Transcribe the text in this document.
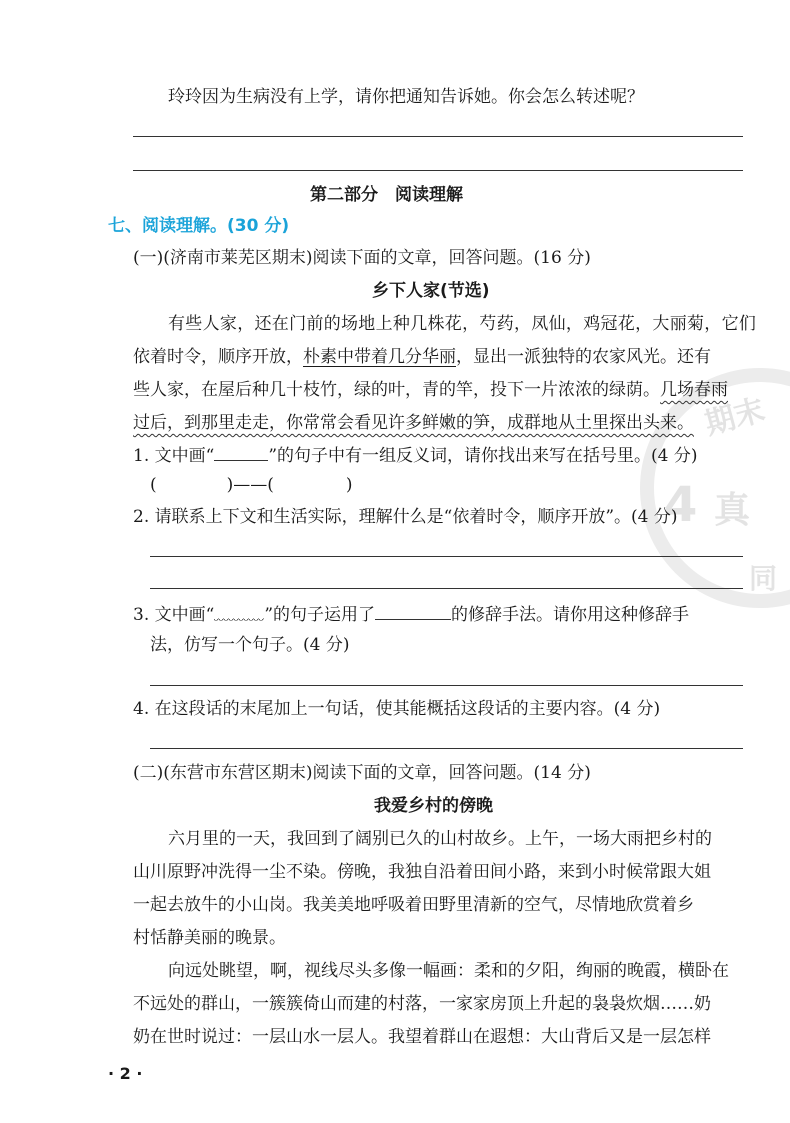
期末
4 真
同
玲玲因为生病没有上学，请你把通知告诉她。你会怎么转述呢？
第二部分　阅读理解
七、阅读理解。(30 分)
(一)(济南市莱芜区期末)阅读下面的文章，回答问题。(16 分)
乡下人家(节选)
有些人家，还在门前的场地上种几株花，芍药，凤仙，鸡冠花，大丽菊，它们
依着时令，顺序开放，朴素中带着几分华丽，显出一派独特的农家风光。还有
些人家，在屋后种几十枝竹，绿的叶，青的竿，投下一片浓浓的绿荫。几场春雨
过后，到那里走走，你常常会看见许多鲜嫩的笋，成群地从土里探出头来。
1. 文中画“	”的句子中有一组反义词，请你找出来写在括号里。(4 分)
(	)——(	)
2. 请联系上下文和生活实际，理解什么是“依着时令，顺序开放”。(4 分)
3. 文中画“	”的句子运用了	的修辞手法。请你用这种修辞手
法，仿写一个句子。(4 分)
4. 在这段话的末尾加上一句话，使其能概括这段话的主要内容。(4 分)
(二)(东营市东营区期末)阅读下面的文章，回答问题。(14 分)
我爱乡村的傍晚
六月里的一天，我回到了阔别已久的山村故乡。上午，一场大雨把乡村的
山川原野冲洗得一尘不染。傍晚，我独自沿着田间小路，来到小时候常跟大姐
一起去放牛的小山岗。我美美地呼吸着田野里清新的空气，尽情地欣赏着乡
村恬静美丽的晚景。
向远处眺望，啊，视线尽头多像一幅画：柔和的夕阳，绚丽的晚霞，横卧在
不远处的群山，一簇簇倚山而建的村落，一家家房顶上升起的袅袅炊烟……奶
奶在世时说过：一层山水一层人。我望着群山在遐想：大山背后又是一层怎样
· 2 ·
